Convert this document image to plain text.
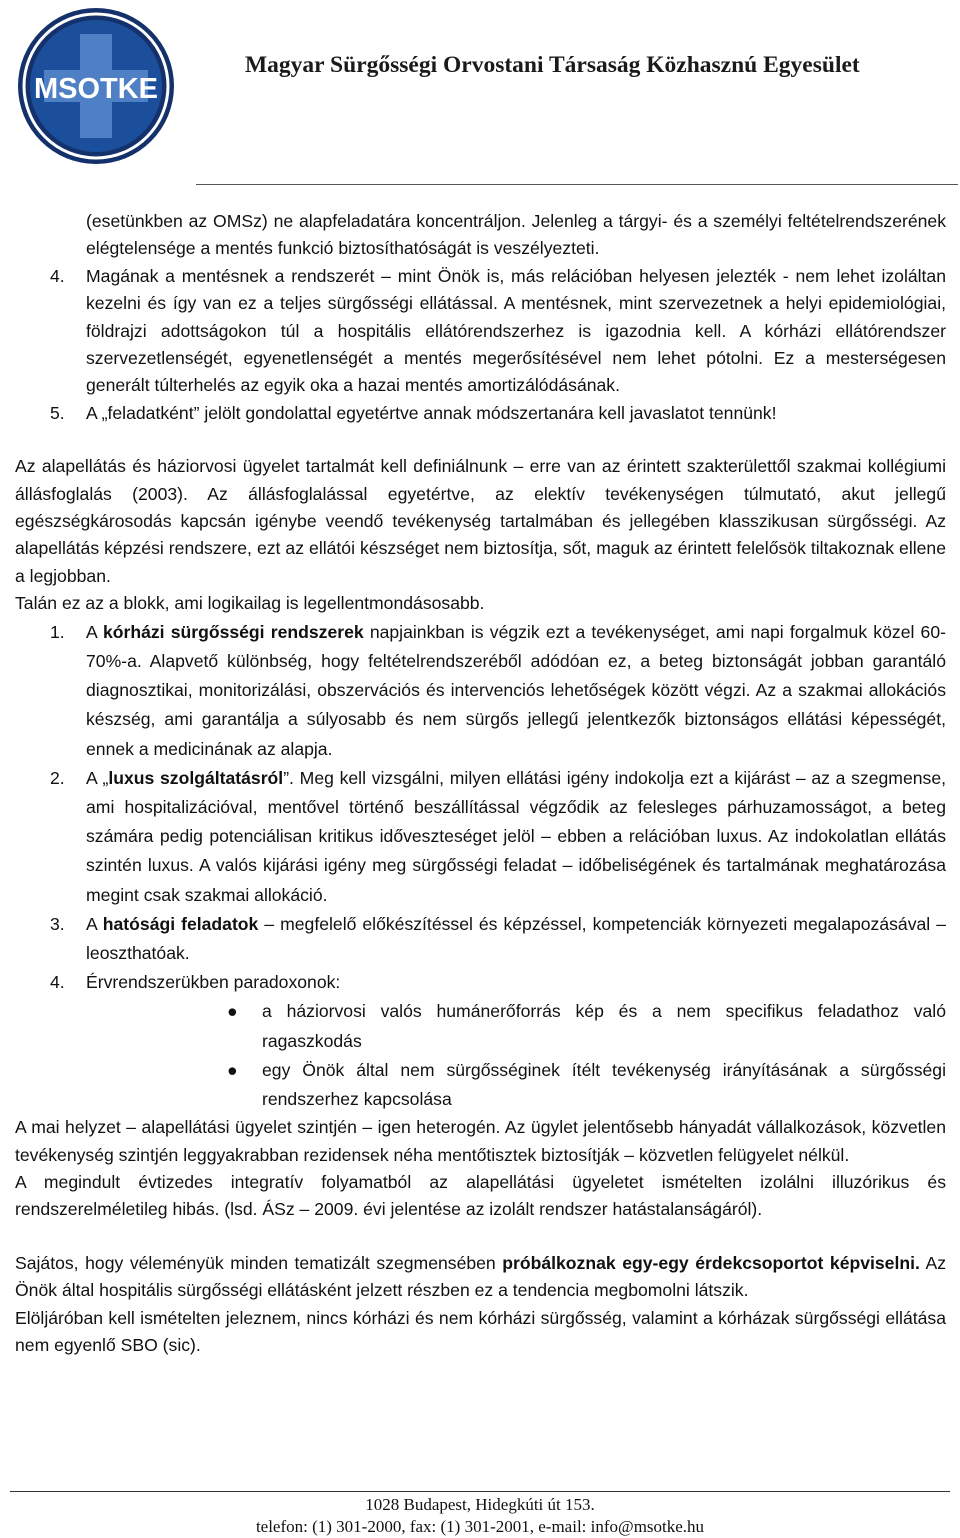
MSOTKE
Magyar Sürgősségi Orvostani Társaság Közhasznú Egyesület

(esetünkben az OMSz) ne alapfeladatára koncentráljon. Jelenleg a tárgyi- és a személyi feltételrendszerének elégtelensége a mentés funkció biztosíthatóságát is veszélyezteti.

4. Magának a mentésnek a rendszerét – mint Önök is, más relációban helyesen jelezték - nem lehet izoláltan kezelni és így van ez a teljes sürgősségi ellátással. A mentésnek, mint szervezetnek a helyi epidemiológiai, földrajzi adottságokon túl a hospitális ellátórendszerhez is igazodnia kell. A kórházi ellátórendszer szervezetlenségét, egyenetlenségét a mentés megerősítésével nem lehet pótolni. Ez a mesterségesen generált túlterhelés az egyik oka a hazai mentés amortizálódásának.
5. A „feladatként” jelölt gondolattal egyetértve annak módszertanára kell javaslatot tennünk!

Az alapellátás és háziorvosi ügyelet tartalmát kell definiálnunk – erre van az érintett szakterülettől szakmai kollégiumi állásfoglalás (2003). Az állásfoglalással egyetértve, az elektív tevékenységen túlmutató, akut jellegű egészségkárosodás kapcsán igénybe veendő tevékenység tartalmában és jellegében klasszikusan sürgősségi. Az alapellátás képzési rendszere, ezt az ellátói készséget nem biztosítja, sőt, maguk az érintett felelősök tiltakoznak ellene a legjobban.

Talán ez az a blokk, ami logikailag is legellentmondásosabb.

1. A kórházi sürgősségi rendszerek napjainkban is végzik ezt a tevékenységet, ami napi forgalmuk közel 60-70%-a. Alapvető különbség, hogy feltételrendszeréből adódóan ez, a beteg biztonságát jobban garantáló diagnosztikai, monitorizálási, obszervációs és intervenciós lehetőségek között végzi. Az a szakmai allokációs készség, ami garantálja a súlyosabb és nem sürgős jellegű jelentkezők biztonságos ellátási képességét, ennek a medicinának az alapja.
2. A „luxus szolgáltatásról”. Meg kell vizsgálni, milyen ellátási igény indokolja ezt a kijárást – az a szegmense, ami hospitalizációval, mentővel történő beszállítással végződik az felesleges párhuzamosságot, a beteg számára pedig potenciálisan kritikus időveszteséget jelöl – ebben a relációban luxus. Az indokolatlan ellátás szintén luxus. A valós kijárási igény meg sürgősségi feladat – időbeliségének és tartalmának meghatározása megint csak szakmai allokáció.
3. A hatósági feladatok – megfelelő előkészítéssel és képzéssel, kompetenciák környezeti megalapozásával – leoszthatóak.
4. Érvrendszerükben paradoxonok:
● a háziorvosi valós humánerőforrás kép és a nem specifikus feladathoz való ragaszkodás
● egy Önök által nem sürgősséginek ítélt tevékenység irányításának a sürgősségi rendszerhez kapcsolása

A mai helyzet – alapellátási ügyelet szintjén – igen heterogén. Az ügylet jelentősebb hányadát vállalkozások, közvetlen tevékenység szintjén leggyakrabban rezidensek néha mentőtisztek biztosítják – közvetlen felügyelet nélkül.

A megindult évtizedes integratív folyamatból az alapellátási ügyeletet ismételten izolálni illuzórikus és rendszerelméletileg hibás. (lsd. ÁSz – 2009. évi jelentése az izolált rendszer hatástalanságáról).

Sajátos, hogy véleményük minden tematizált szegmensében próbálkoznak egy-egy érdekcsoportot képviselni. Az Önök által hospitális sürgősségi ellátásként jelzett részben ez a tendencia megbomolni látszik.

Elöljáróban kell ismételten jeleznem, nincs kórházi és nem kórházi sürgősség, valamint a kórházak sürgősségi ellátása nem egyenlő SBO (sic).

1028 Budapest, Hidegkúti út 153.
telefon: (1) 301-2000, fax: (1) 301-2001, e-mail: info@msotke.hu
